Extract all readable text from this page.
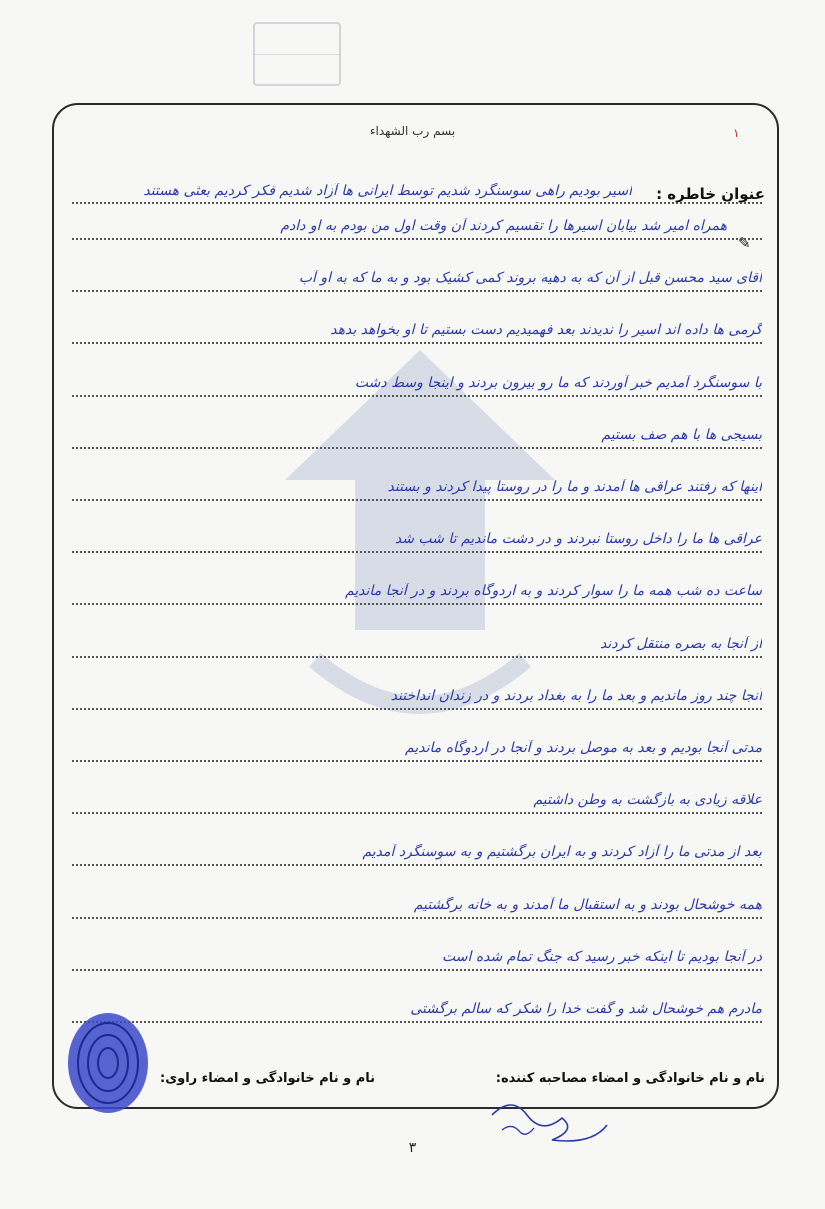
بسم رب الشهداء	۱
عنوان خاطره :
اسیر بودیم راهی سوسنگرد شدیم توسط ایرانی ها آزاد شدیم فکر کردیم بعثی هستند
✎
همراه امیر شد بیابان اسیرها را تقسیم کردند آن وقت اول من بودم به او دادم
آقای سید محسن قبل از آن که به دهیه بروند کمی کشیک بود و به ما که به او آب
گرمی ها داده اند اسیر را ندیدند بعد فهمیدیم دست بستیم تا او بخواهد بدهد
با سوسنگرد آمدیم خبر آوردند که ما رو بیرون بردند و اینجا وسط دشت
بسیجی ها با هم صف بستیم
اینها که رفتند عراقی ها آمدند و ما را در روستا پیدا کردند و بستند
عراقی ها ما را داخل روستا نبردند و در دشت ماندیم تا شب شد
ساعت ده شب همه ما را سوار کردند و به اردوگاه بردند و در آنجا ماندیم
از آنجا به بصره منتقل کردند
آنجا چند روز ماندیم و بعد ما را به بغداد بردند و در زندان انداختند
مدتی آنجا بودیم و بعد به موصل بردند و آنجا در اردوگاه ماندیم
علاقه زیادی به بازگشت به وطن داشتیم
بعد از مدتی ما را آزاد کردند و به ایران برگشتیم و به سوسنگرد آمدیم
همه خوشحال بودند و به استقبال ما آمدند و به خانه برگشتیم
در آنجا بودیم تا اینکه خبر رسید که جنگ تمام شده است
مادرم هم خوشحال شد و گفت خدا را شکر که سالم برگشتی
نام و نام خانوادگی و امضاء مصاحبه کننده:
نام و نام خانوادگی و امضاء راوی:
۳
